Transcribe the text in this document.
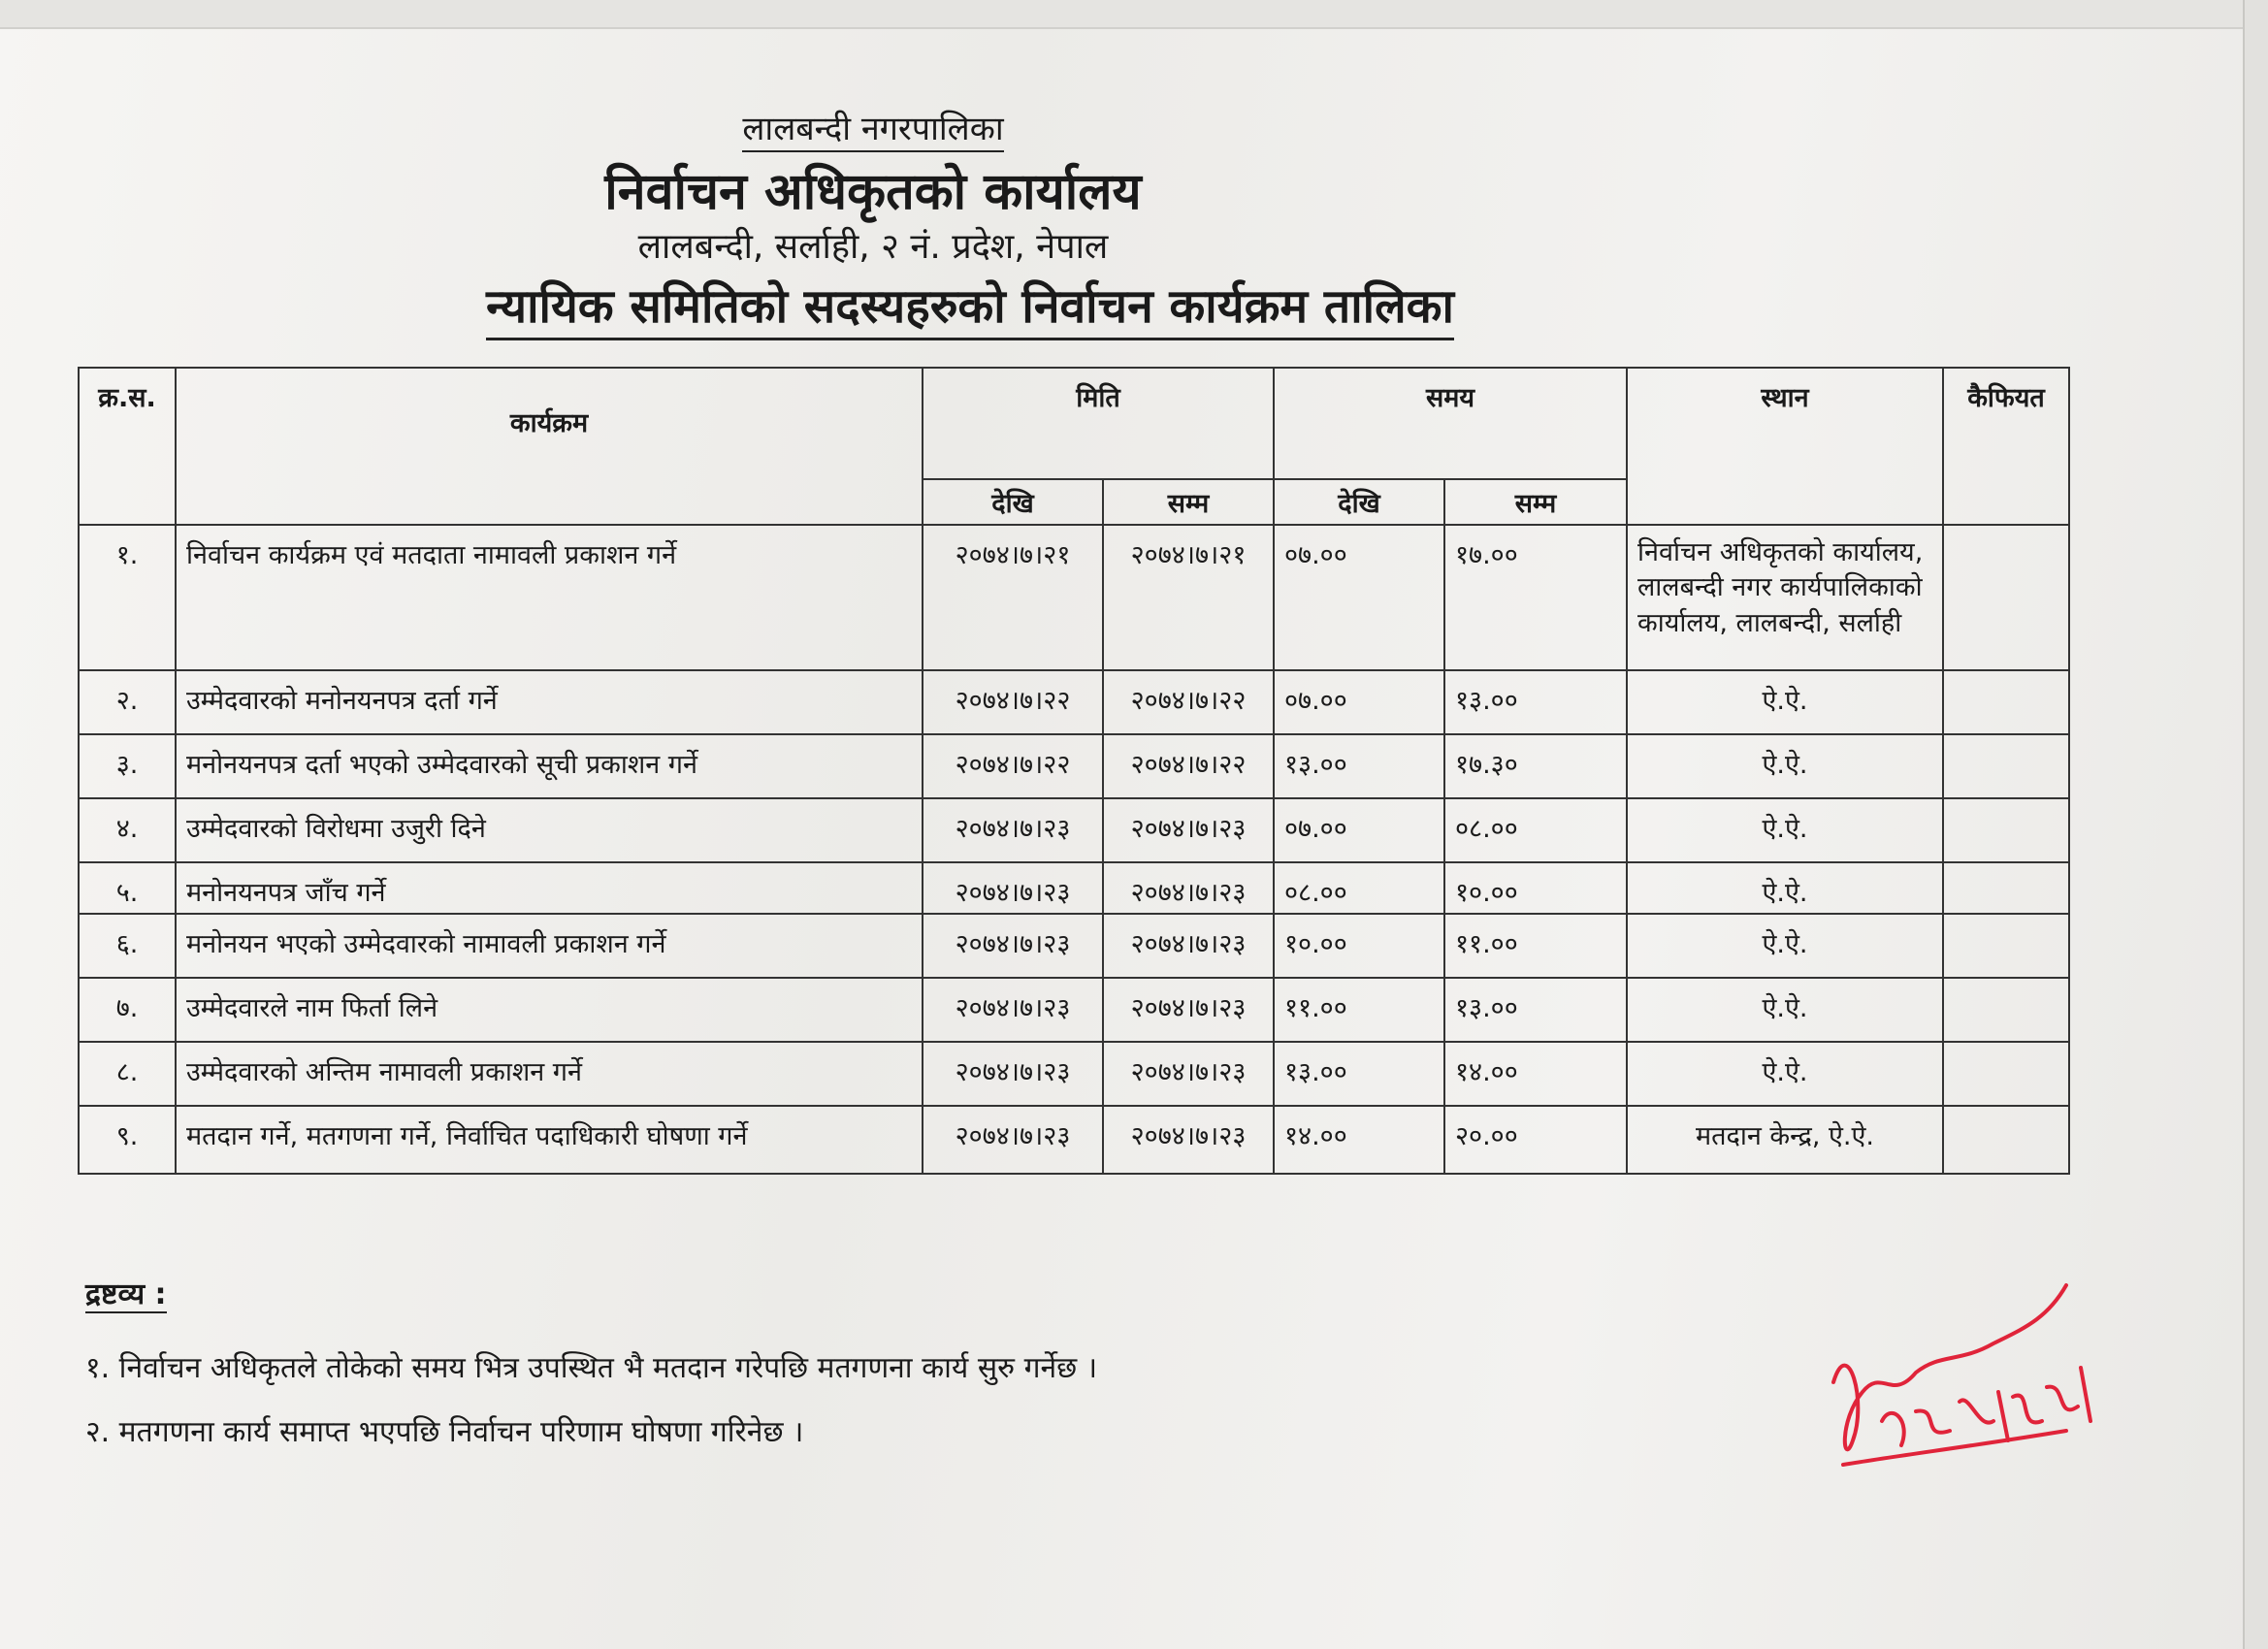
लालबन्दी नगरपालिका
निर्वाचन अधिकृतको कार्यालय
लालबन्दी, सर्लाही, २ नं. प्रदेश, नेपाल
न्यायिक समितिको सदस्यहरुको निर्वाचन कार्यक्रम तालिका
क्र.स.	कार्यक्रम	मिति		समय		स्थान	कैफियत
		देखि	सम्म	देखि	सम्म		
१.	निर्वाचन कार्यक्रम एवं मतदाता नामावली प्रकाशन गर्ने	२०७४।७।२१	२०७४।७।२१	०७.००	१७.००	निर्वाचन अधिकृतको कार्यालय, लालबन्दी नगर कार्यपालिकाको कार्यालय, लालबन्दी, सर्लाही	
२.	उम्मेदवारको मनोनयनपत्र दर्ता गर्ने	२०७४।७।२२	२०७४।७।२२	०७.००	१३.००	ऐ.ऐ.	
३.	मनोनयनपत्र दर्ता भएको उम्मेदवारको सूची प्रकाशन गर्ने	२०७४।७।२२	२०७४।७।२२	१३.००	१७.३०	ऐ.ऐ.	
४.	उम्मेदवारको विरोधमा उजुरी दिने	२०७४।७।२३	२०७४।७।२३	०७.००	०८.००	ऐ.ऐ.	
५.	मनोनयनपत्र जाँच गर्ने	२०७४।७।२३	२०७४।७।२३	०८.००	१०.००	ऐ.ऐ.	
६.	मनोनयन भएको उम्मेदवारको नामावली प्रकाशन गर्ने	२०७४।७।२३	२०७४।७।२३	१०.००	११.००	ऐ.ऐ.	
७.	उम्मेदवारले नाम फिर्ता लिने	२०७४।७।२३	२०७४।७।२३	११.००	१३.००	ऐ.ऐ.	
८.	उम्मेदवारको अन्तिम नामावली प्रकाशन गर्ने	२०७४।७।२३	२०७४।७।२३	१३.००	१४.००	ऐ.ऐ.	
९.	मतदान गर्ने, मतगणना गर्ने, निर्वाचित पदाधिकारी घोषणा गर्ने	२०७४।७।२३	२०७४।७।२३	१४.००	२०.००	मतदान केन्द्र, ऐ.ऐ.	
द्रष्टव्य :
१. निर्वाचन अधिकृतले तोकेको समय भित्र उपस्थित भै मतदान गरेपछि मतगणना कार्य सुरु गर्नेछ ।
२. मतगणना कार्य समाप्त भएपछि निर्वाचन परिणाम घोषणा गरिनेछ ।
